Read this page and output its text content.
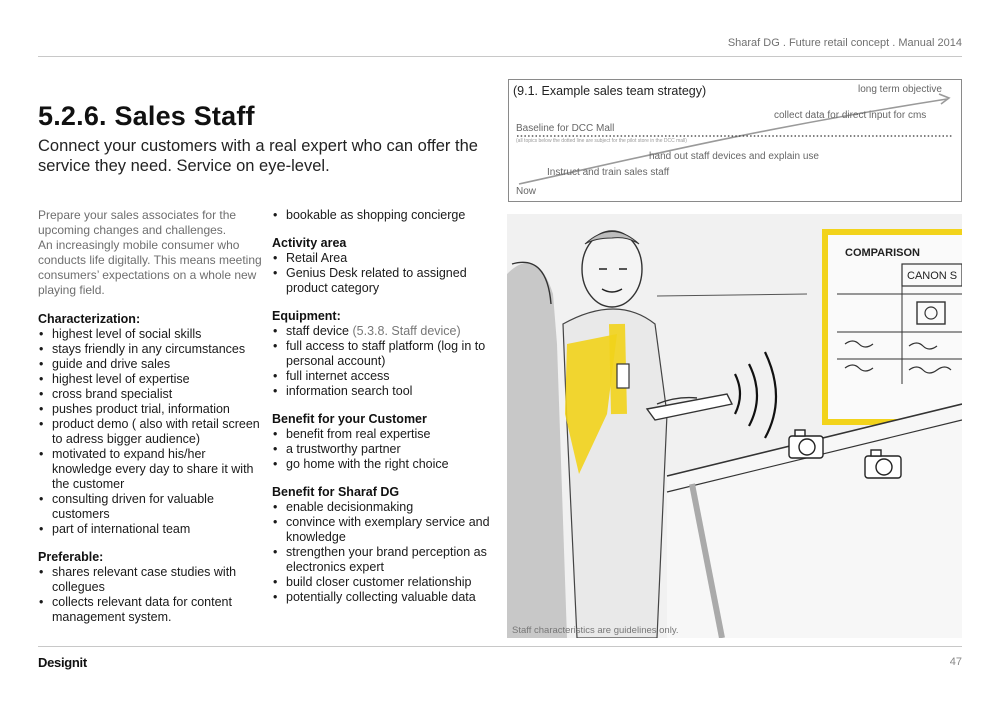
Sharaf DG . Future retail concept . Manual 2014
5.2.6. Sales Staff
Connect your customers with a real expert who can offer the service they need. Service on eye-level.
Prepare your sales associates for the
upcoming changes and challenges.
An increasingly mobile consumer who
conducts life digitally. This means meeting
consumers’ expectations on a whole new
playing field.
Characterization:
• highest level of social skills
• stays friendly in any circumstances
• guide and drive sales
• highest level of expertise
• cross brand specialist
• pushes product trial, information
• product demo ( also with retail screen to adress bigger audience)
• motivated to expand his/her knowledge every day to share it with the customer
• consulting driven for valuable customers
• part of international team
Preferable:
• shares relevant case studies with collegues
• collects relevant data for content management system.
• bookable as shopping concierge
Activity area
• Retail Area
• Genius Desk related to assigned product category
Equipment:
• staff device (5.3.8. Staff device)
• full access to staff platform (log in to personal account)
• full internet access
• information search tool
Benefit for your Customer
• benefit from real expertise
• a trustworthy partner
• go home with the right choice
Benefit for Sharaf DG
• enable decisionmaking
• convince with exemplary service and knowledge
• strengthen your brand perception as electronics expert
• build closer customer relationship
• potentially collecting valuable data
(9.1. Example sales team strategy)	long term objective
collect data for direct input for cms
Baseline for DCC Mall
(all topics below the dotted line are subject for the pilot store in the DCC mall)
hand out staff devices and explain use
Instruct and train sales staff
Now
COMPARISON
CANON S
Staff characteristics are guidelines only.
Designit	47
